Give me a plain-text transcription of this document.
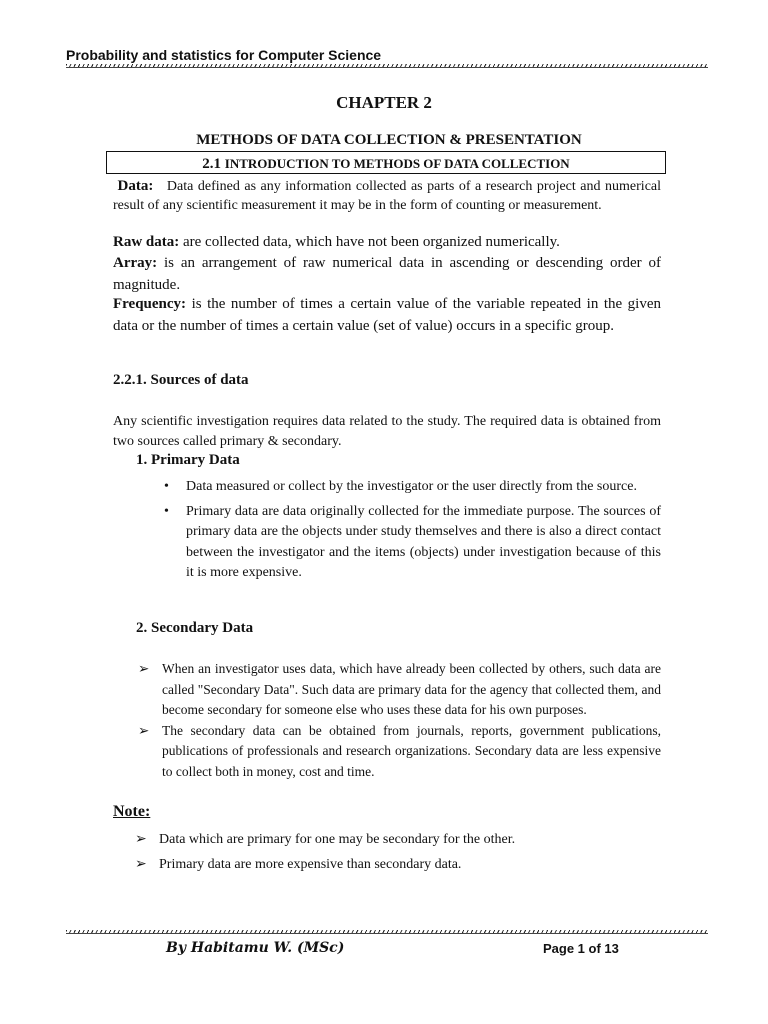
Probability and statistics for Computer Science
CHAPTER 2
METHODS OF DATA COLLECTION & PRESENTATION
2.1 INTRODUCTION TO METHODS OF DATA COLLECTION
Data: Data defined as any information collected as parts of a research project and numerical result of any scientific measurement it may be in the form of counting or measurement.
Raw data: are collected data, which have not been organized numerically.
Array: is an arrangement of raw numerical data in ascending or descending order of magnitude.
Frequency: is the number of times a certain value of the variable repeated in the given data or the number of times a certain value (set of value) occurs in a specific group.
2.2.1. Sources of data
Any scientific investigation requires data related to the study. The required data is obtained from two sources called primary & secondary.
1. Primary Data
• Data measured or collect by the investigator or the user directly from the source.
• Primary data are data originally collected for the immediate purpose. The sources of primary data are the objects under study themselves and there is also a direct contact between the investigator and the items (objects) under investigation because of this it is more expensive.
2. Secondary Data
➢ When an investigator uses data, which have already been collected by others, such data are called "Secondary Data". Such data are primary data for the agency that collected them, and become secondary for someone else who uses these data for his own purposes.
➢ The secondary data can be obtained from journals, reports, government publications, publications of professionals and research organizations. Secondary data are less expensive to collect both in money, cost and time.
Note:
➢ Data which are primary for one may be secondary for the other.
➢ Primary data are more expensive than secondary data.
By Habitamu W. (MSc)	Page 1 of 13
